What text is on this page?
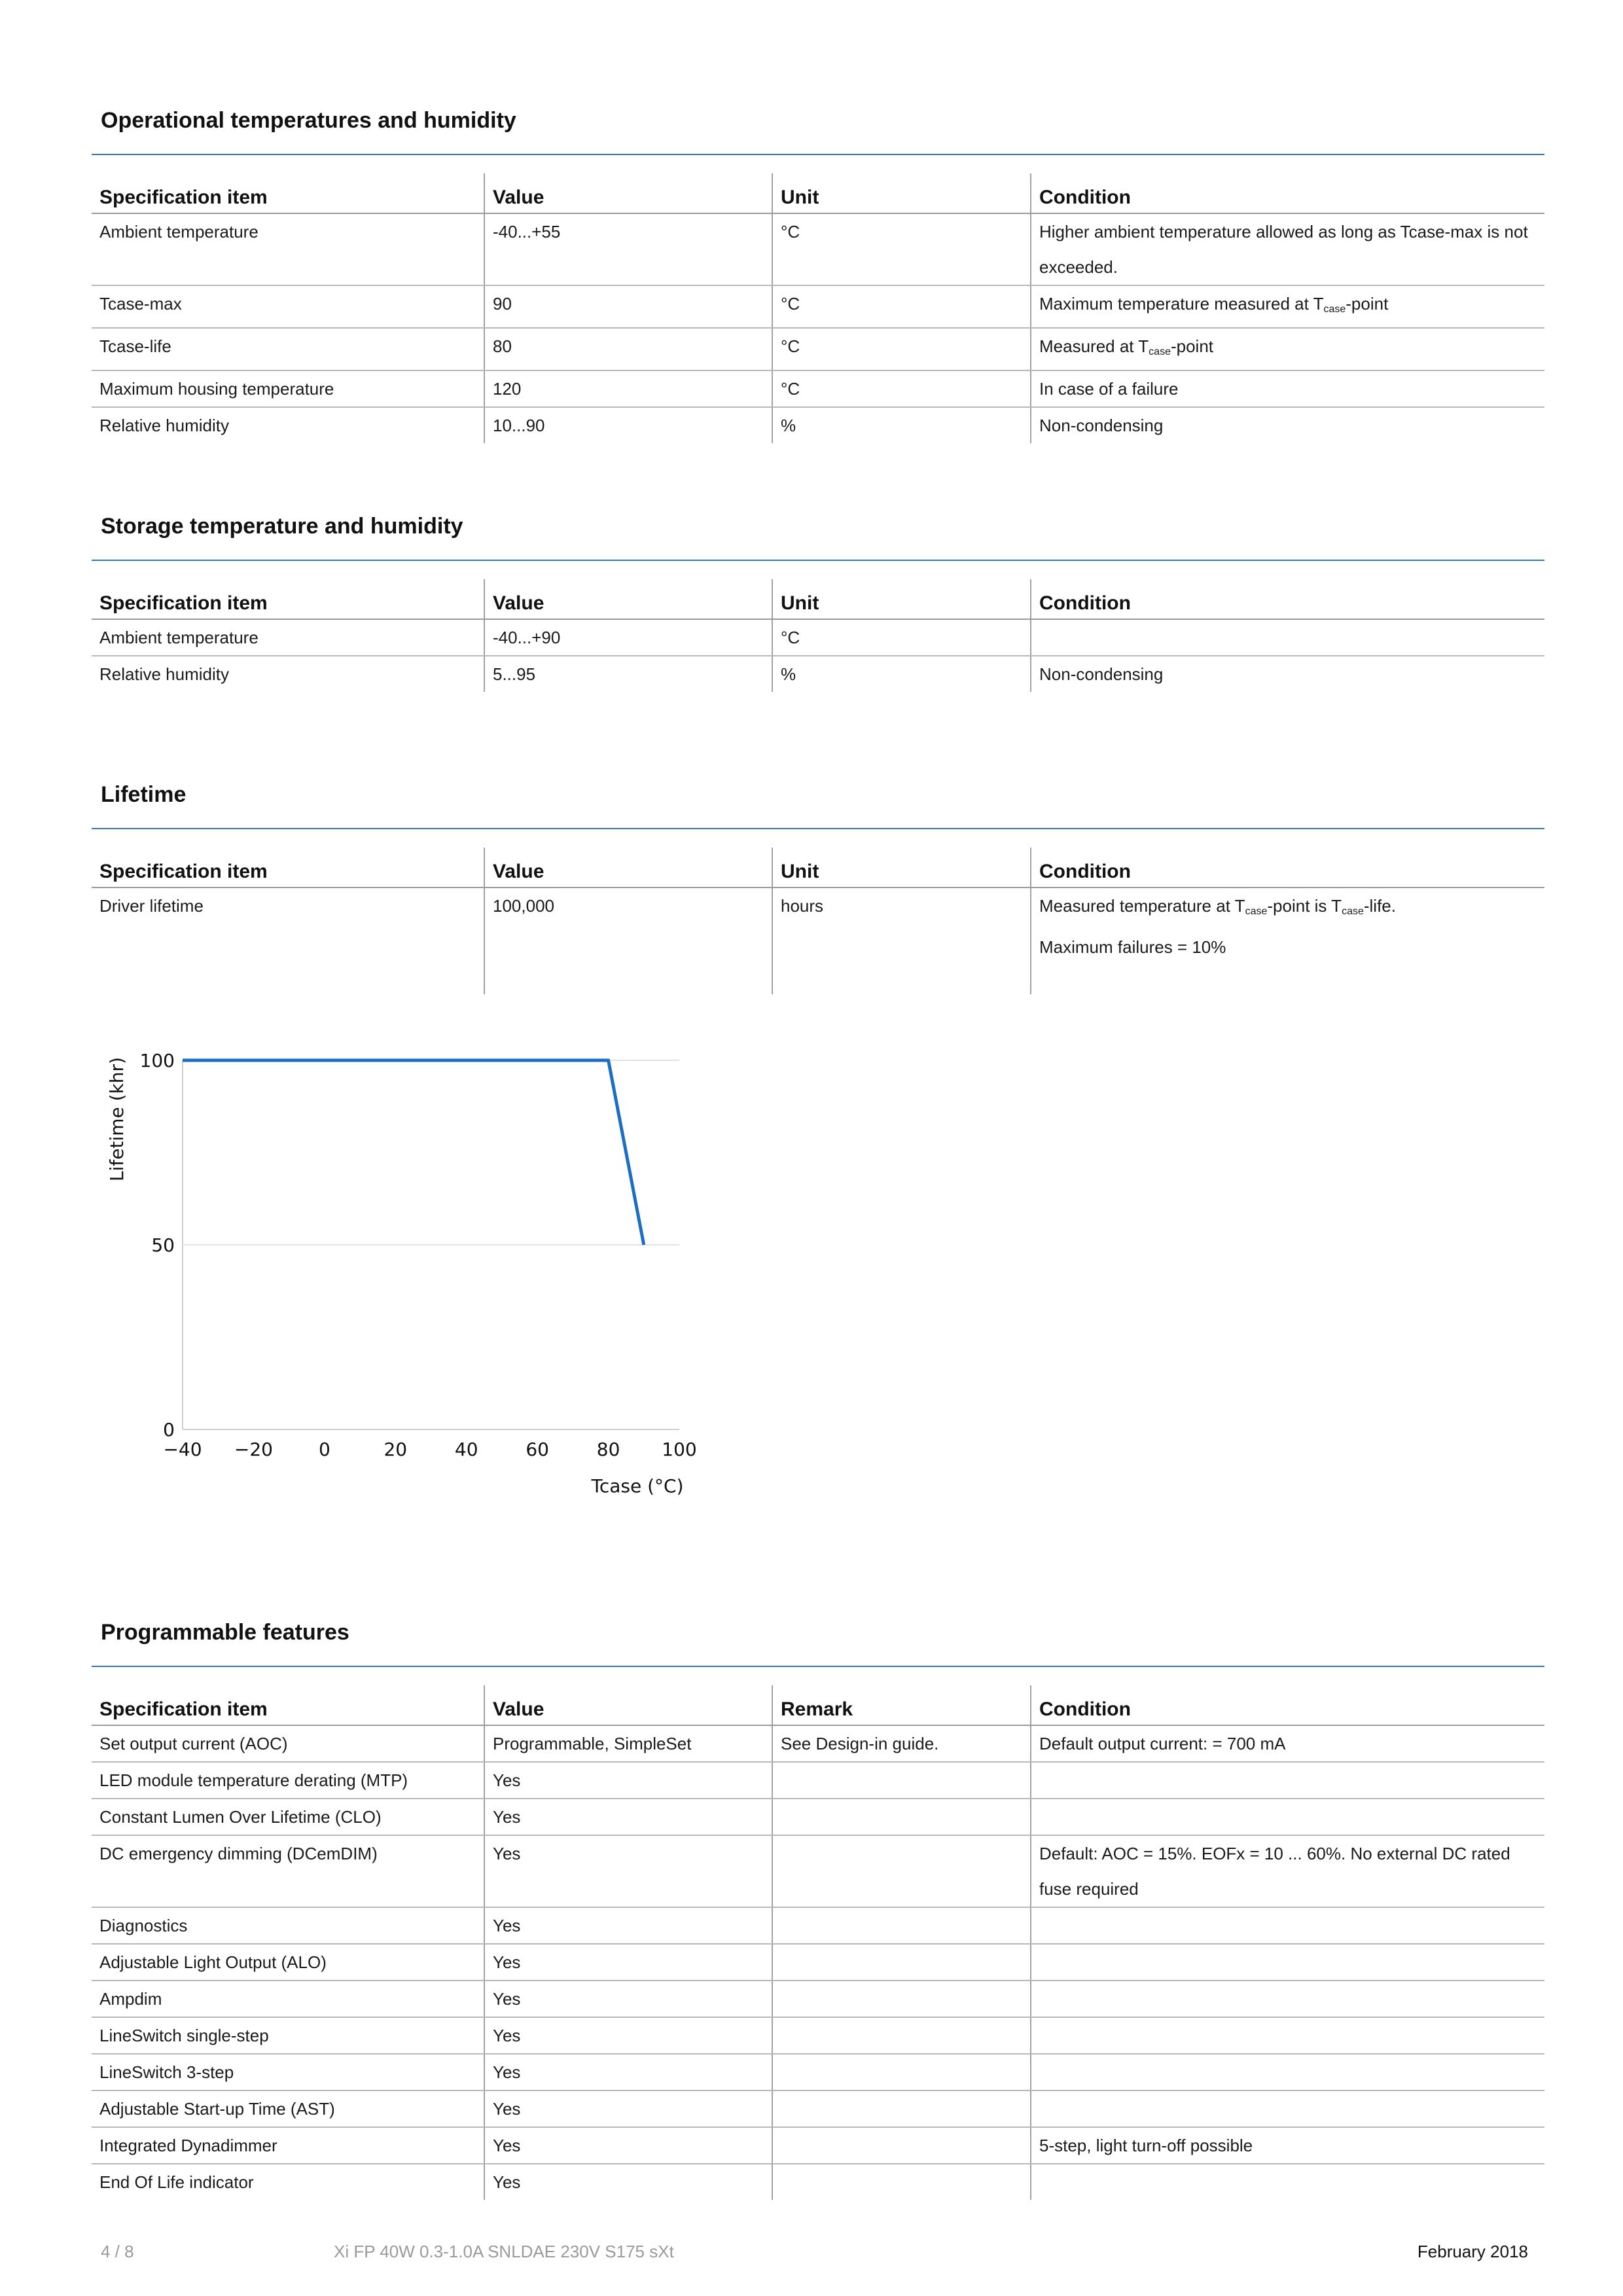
Operational temperatures and humidity
Specification item	Value	Unit	Condition
Ambient temperature	-40...+55	°C	Higher ambient temperature allowed as long as Tcase-max is not exceeded.
Tcase-max	90	°C	Maximum temperature measured at $T_{case}$-point
Tcase-life	80	°C	Measured at $T_{case}$-point
Maximum housing temperature	120	°C	In case of a failure
Relative humidity	10...90	%	Non-condensing
Storage temperature and humidity
Specification item	Value	Unit	Condition
Ambient temperature	-40...+90	°C	
Relative humidity	5...95	%	Non-condensing
Lifetime
Specification item	Value	Unit	Condition
Driver lifetime	100,000	hours	Measured temperature at $T_{case}$-point is $T_{case}$-life.
Maximum failures = 10%
0
50
100
−40 −20 0	20	40	60	80 100
Lifetime (khr)
Tcase (°C)
Programmable features
Specification item	Value	Remark	Condition
Set output current (AOC)	Programmable, SimpleSet	See Design-in guide.	Default output current: = 700 mA
LED module temperature derating (MTP)	Yes		
Constant Lumen Over Lifetime (CLO)	Yes		
DC emergency dimming (DCemDIM)	Yes		Default: AOC = 15%. EOFx = 10 ... 60%. No external DC rated fuse required
Diagnostics	Yes		
Adjustable Light Output (ALO)	Yes		
Ampdim	Yes		
LineSwitch single-step	Yes		
LineSwitch 3-step	Yes		
Adjustable Start-up Time (AST)	Yes		
Integrated Dynadimmer	Yes		5-step, light turn-off possible
End Of Life indicator	Yes		
4 / 8	Xi FP 40W 0.3-1.0A SNLDAE 230V S175 sXt	February 2018
